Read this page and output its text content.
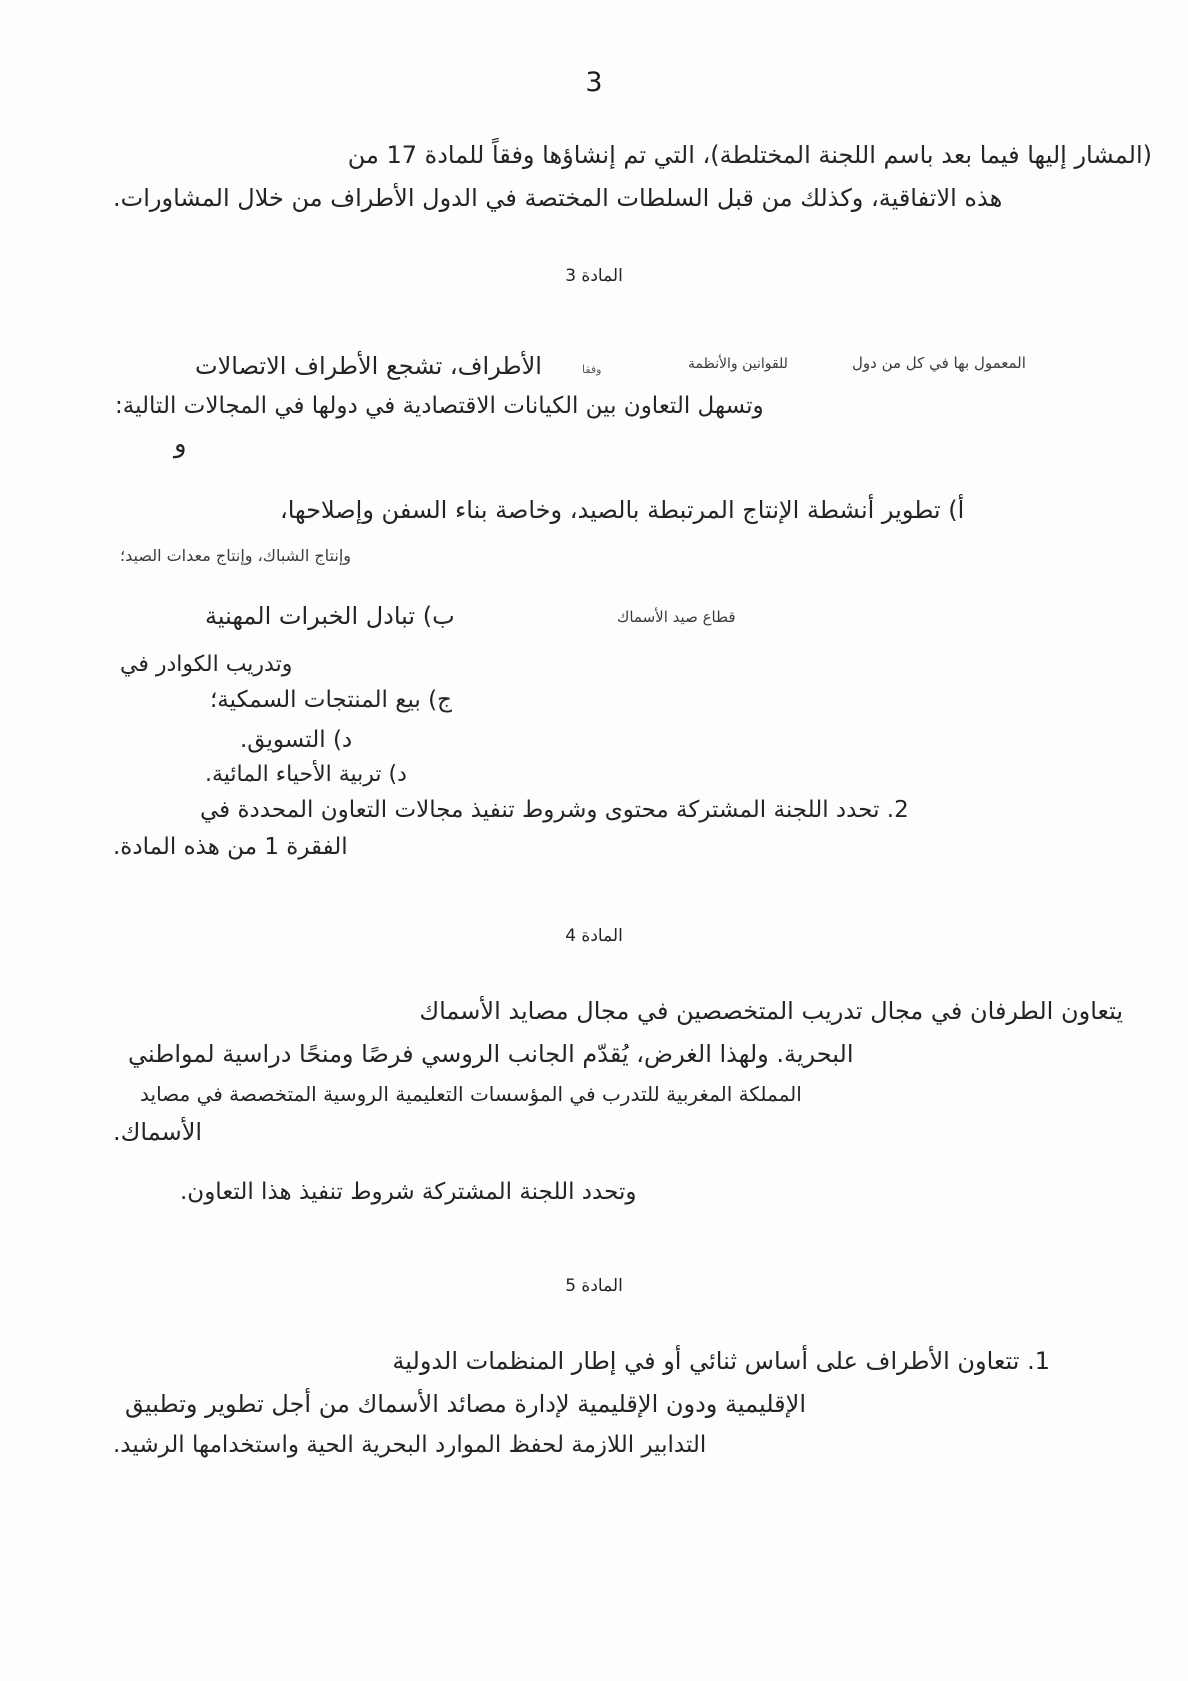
3
(المشار إليها فيما بعد باسم اللجنة المختلطة)، التي تم إنشاؤها وفقاً للمادة 17 من
هذه الاتفاقية، وكذلك من قبل السلطات المختصة في الدول الأطراف من خلال المشاورات.
المادة 3
الأطراف، تشجع الأطراف الاتصالات	وفقا	للقوانين والأنظمة	المعمول بها في كل من دول
وتسهل التعاون بين الكيانات الاقتصادية في دولها في المجالات التالية:
و
أ) تطوير أنشطة الإنتاج المرتبطة بالصيد، وخاصة بناء السفن وإصلاحها،
وإنتاج الشباك، وإنتاج معدات الصيد؛
ب) تبادل الخبرات المهنية	قطاع صيد الأسماك
وتدريب الكوادر في
ج) بيع المنتجات السمكية؛
د) التسويق.
د) تربية الأحياء المائية.
2. تحدد اللجنة المشتركة محتوى وشروط تنفيذ مجالات التعاون المحددة في
الفقرة 1 من هذه المادة.
المادة 4
يتعاون الطرفان في مجال تدريب المتخصصين في مجال مصايد الأسماك
البحرية. ولهذا الغرض، يُقدّم الجانب الروسي فرصًا ومنحًا دراسية لمواطني
المملكة المغربية للتدرب في المؤسسات التعليمية الروسية المتخصصة في مصايد
الأسماك.
وتحدد اللجنة المشتركة شروط تنفيذ هذا التعاون.
المادة 5
1. تتعاون الأطراف على أساس ثنائي أو في إطار المنظمات الدولية
الإقليمية ودون الإقليمية لإدارة مصائد الأسماك من أجل تطوير وتطبيق
التدابير اللازمة لحفظ الموارد البحرية الحية واستخدامها الرشيد.
